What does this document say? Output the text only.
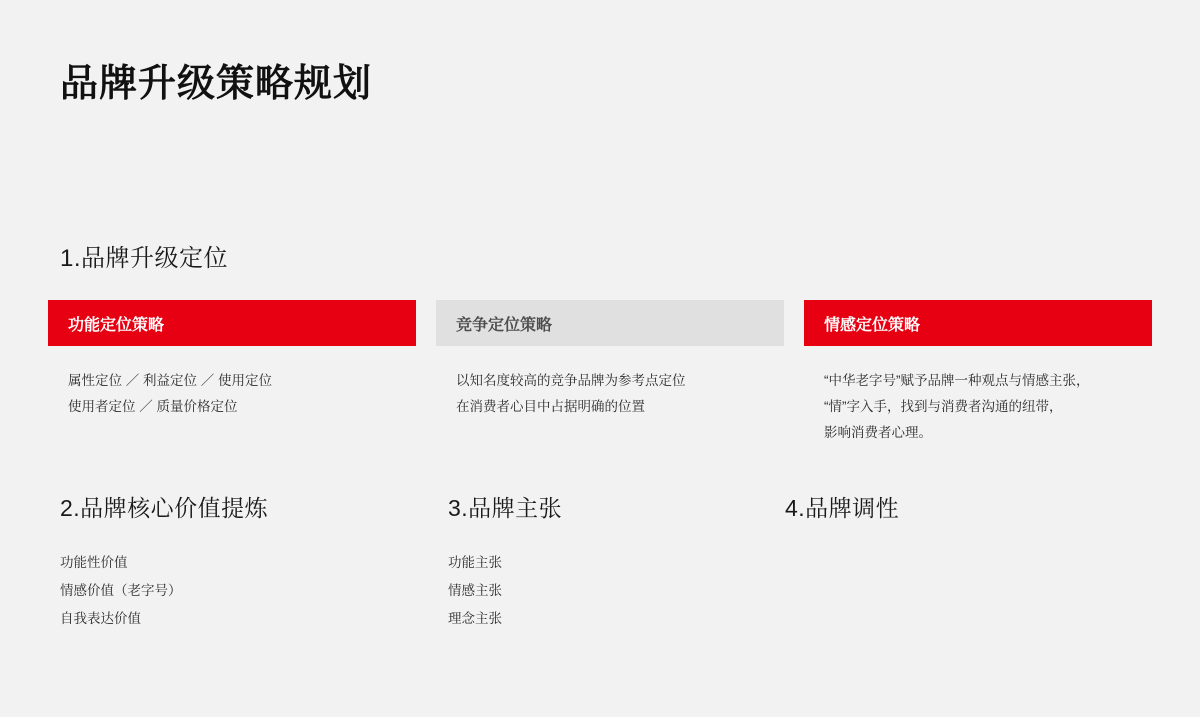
品牌升级策略规划
1.品牌升级定位
功能定位策略
属性定位 ／ 利益定位 ／ 使用定位
使用者定位 ／ 质量价格定位
竞争定位策略
以知名度较高的竞争品牌为参考点定位
在消费者心目中占据明确的位置
情感定位策略
“中华老字号”赋予品牌一种观点与情感主张，
“情”字入手，找到与消费者沟通的纽带，
影响消费者心理。
2.品牌核心价值提炼
功能性价值
情感价值（老字号）
自我表达价值
3.品牌主张
功能主张
情感主张
理念主张
4.品牌调性
